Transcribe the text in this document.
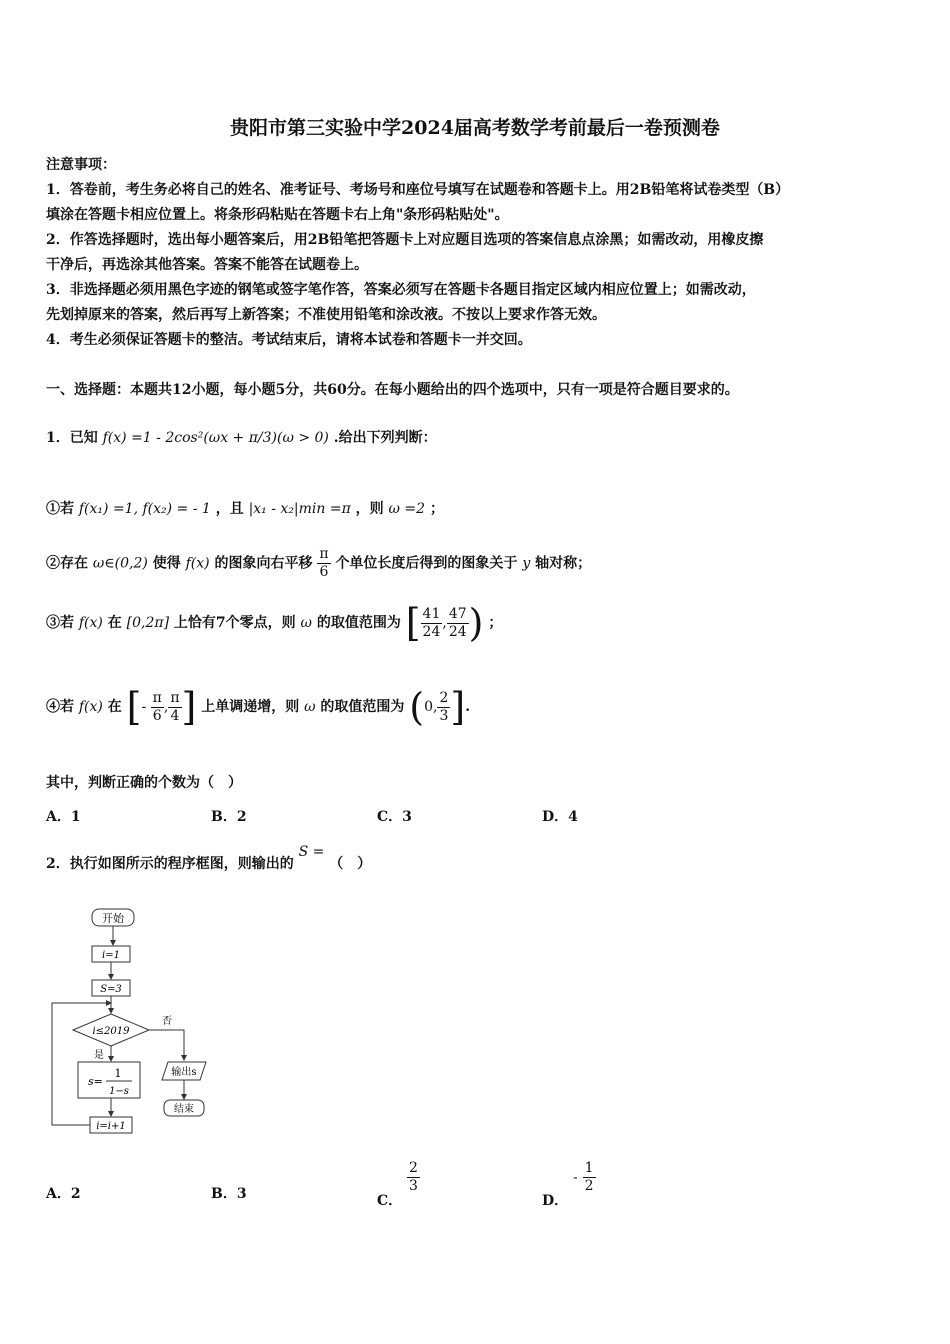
贵阳市第三实验中学2024届高考数学考前最后一卷预测卷
注意事项：
1．答卷前，考生务必将自己的姓名、准考证号、考场号和座位号填写在试题卷和答题卡上。用2B铅笔将试卷类型（B）
填涂在答题卡相应位置上。将条形码粘贴在答题卡右上角"条形码粘贴处"。
2．作答选择题时，选出每小题答案后，用2B铅笔把答题卡上对应题目选项的答案信息点涂黑；如需改动，用橡皮擦
干净后，再选涂其他答案。答案不能答在试题卷上。
3．非选择题必须用黑色字迹的钢笔或签字笔作答，答案必须写在答题卡各题目指定区域内相应位置上；如需改动，
先划掉原来的答案，然后再写上新答案；不准使用铅笔和涂改液。不按以上要求作答无效。
4．考生必须保证答题卡的整洁。考试结束后，请将本试卷和答题卡一并交回。
一、选择题：本题共12小题，每小题5分，共60分。在每小题给出的四个选项中，只有一项是符合题目要求的。
1．已知 f(x) =1 - 2cos²(ωx + π/3)(ω > 0) .给出下列判断：
①若 f(x₁) =1, f(x₂) = - 1 ，且 |x₁ - x₂|min =π ，则 ω =2 ；
②存在 ω∈(0,2) 使得 f(x) 的图象向右平移 $\frac{\pi}{6}$ 个单位长度后得到的图象关于 y 轴对称；
③若 f(x) 在 [0,2π] 上恰有7个零点，则 ω 的取值范围为 [ $\frac{41}{24}$ , $\frac{47}{24}$ ) ；
④若 f(x) 在 [- $\frac{\pi}{6}$ , $\frac{\pi}{4}$ ] 上单调递增，则 ω 的取值范围为 (0, $\frac{2}{3}$ ].
其中，判断正确的个数为（　）
A．1	B．2	C．3	D．4
2．执行如图所示的程序框图，则输出的 S = （　）
开始
i=1
S=3
i≤2019
否
输出s
结束
是
s=
1
1−s
i=i+1
A．2	B．3	C．
$\frac{2}{3}$
D． - $\frac{1}{2}$
